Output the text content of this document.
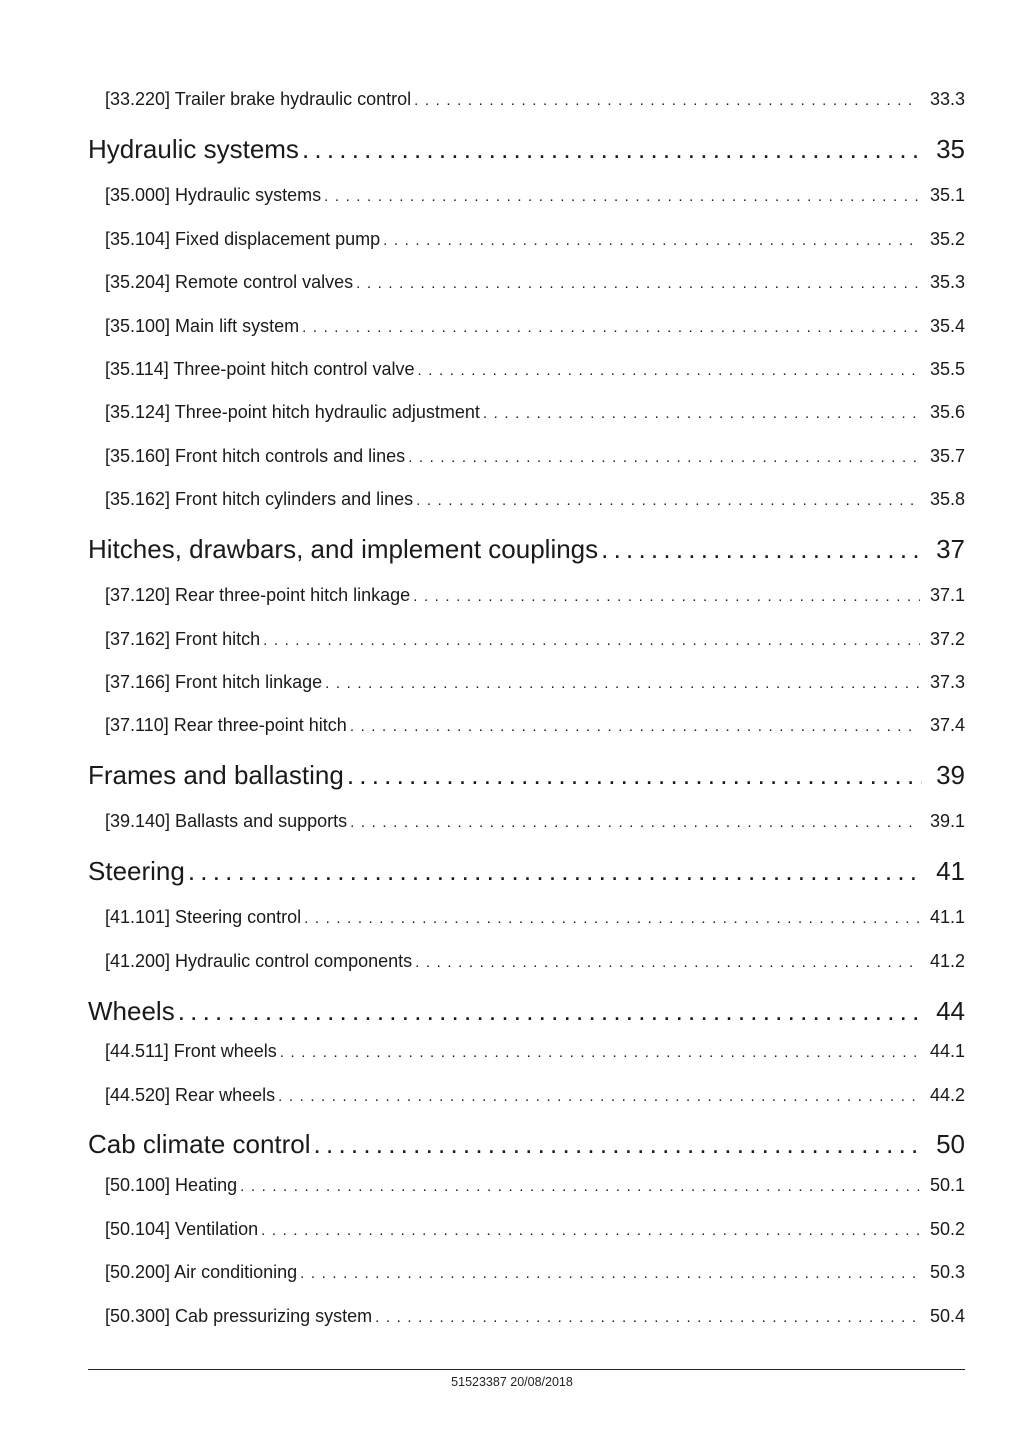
[33.220] Trailer brake hydraulic control . . .	33.3
Hydraulic systems . . .	35
[35.000] Hydraulic systems . . .	35.1
[35.104] Fixed displacement pump . . .	35.2
[35.204] Remote control valves . . .	35.3
[35.100] Main lift system . . .	35.4
[35.114] Three-point hitch control valve . . .	35.5
[35.124] Three-point hitch hydraulic adjustment . . .	35.6
[35.160] Front hitch controls and lines . . .	35.7
[35.162] Front hitch cylinders and lines . . .	35.8
Hitches, drawbars, and implement couplings . . .	37
[37.120] Rear three-point hitch linkage . . .	37.1
[37.162] Front hitch . . .	37.2
[37.166] Front hitch linkage . . .	37.3
[37.110] Rear three-point hitch . . .	37.4
Frames and ballasting . . .	39
[39.140] Ballasts and supports . . .	39.1
Steering . . .	41
[41.101] Steering control . . .	41.1
[41.200] Hydraulic control components . . .	41.2
Wheels . . .	44
[44.511] Front wheels . . .	44.1
[44.520] Rear wheels . . .	44.2
Cab climate control . . .	50
[50.100] Heating . . .	50.1
[50.104] Ventilation . . .	50.2
[50.200] Air conditioning . . .	50.3
[50.300] Cab pressurizing system . . .	50.4
51523387 20/08/2018
